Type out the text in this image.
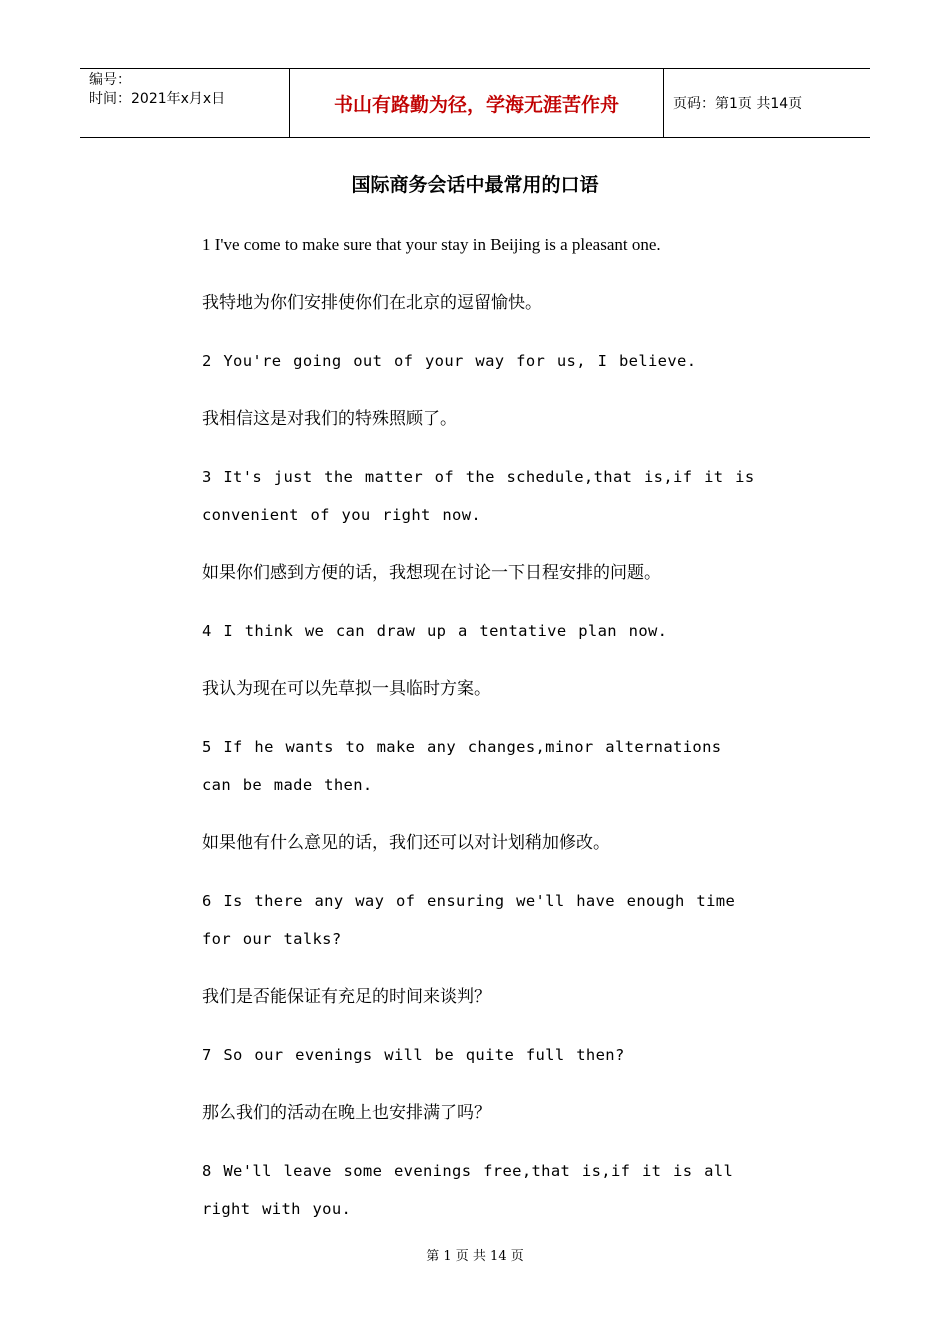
编号：
时间：2021年x月x日	书山有路勤为径，学海无涯苦作舟	页码：第1页 共14页
国际商务会话中最常用的口语

1 I've come to make sure that your stay in Beijing is a pleasant one.

我特地为你们安排使你们在北京的逗留愉快。

2 You're going out of your way for us, I believe.

我相信这是对我们的特殊照顾了。

3 It's just the matter of the schedule,that is,if it is convenient of you right now.

如果你们感到方便的话，我想现在讨论一下日程安排的问题。

4 I think we can draw up a tentative plan now.

我认为现在可以先草拟一具临时方案。

5 If he wants to make any changes,minor alternations can be made then.

如果他有什么意见的话，我们还可以对计划稍加修改。

6 Is there any way of ensuring we'll have enough time for our talks?

我们是否能保证有充足的时间来谈判？

7 So our evenings will be quite full then?

那么我们的活动在晚上也安排满了吗？

8 We'll leave some evenings free,that is,if it is all right with you.

第 1 页 共 14 页
